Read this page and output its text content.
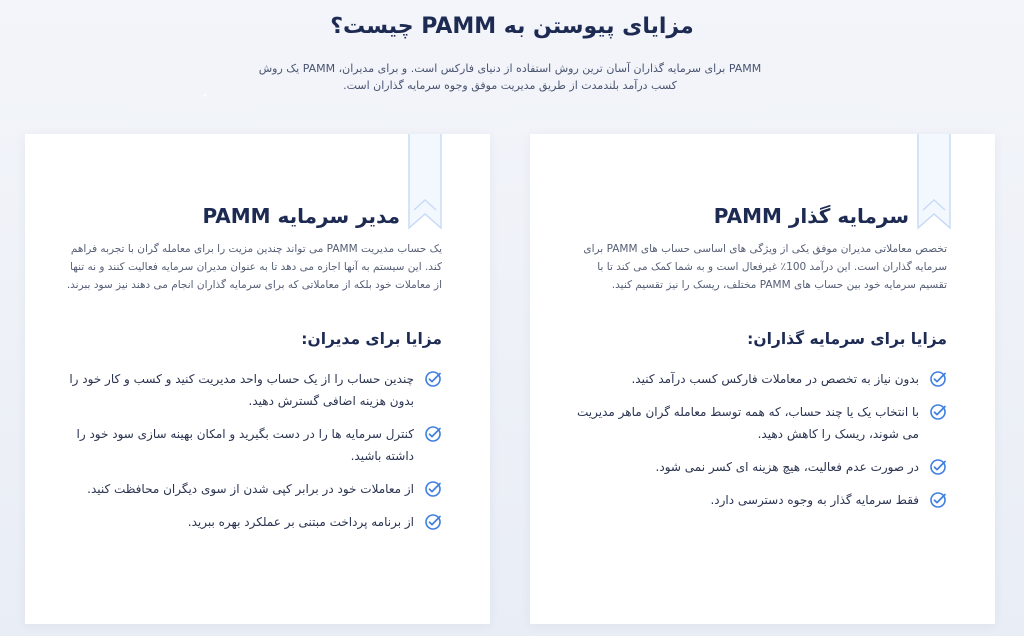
مزایای پیوستن به PAMM چیست؟

PAMM برای سرمایه گذاران آسان ترین روش استفاده از دنیای فارکس است. و برای مدیران، PAMM یک روش کسب درآمد بلندمدت از طریق مدیریت موفق وجوه سرمایه گذاران است.

سرمایه گذار PAMM

تخصص معاملاتی مدیران موفق یکی از ویژگی های اساسی حساب های PAMM برای سرمایه گذاران است. این درآمد 100٪ غیرفعال است و به شما کمک می کند تا با تقسیم سرمایه خود بین حساب های PAMM مختلف، ریسک را نیز تقسیم کنید.

مزایا برای سرمایه گذاران:
بدون نیاز به تخصص در معاملات فارکس کسب درآمد کنید.
با انتخاب یک یا چند حساب، که همه توسط معامله گران ماهر مدیریت می شوند، ریسک را کاهش دهید.
در صورت عدم فعالیت، هیچ هزینه ای کسر نمی شود.
فقط سرمایه گذار به وجوه دسترسی دارد.
مدیر سرمایه PAMM

یک حساب مدیریت PAMM می تواند چندین مزیت را برای معامله گران با تجربه فراهم کند. این سیستم به آنها اجازه می دهد تا به عنوان مدیران سرمایه فعالیت کنند و نه تنها از معاملات خود بلکه از معاملاتی که برای سرمایه گذاران انجام می دهند نیز سود ببرند.

مزایا برای مدیران:
چندین حساب را از یک حساب واحد مدیریت کنید و کسب و کار خود را بدون هزینه اضافی گسترش دهید.
کنترل سرمایه ها را در دست بگیرید و امکان بهینه سازی سود خود را داشته باشید.
از معاملات خود در برابر کپی شدن از سوی دیگران محافظت کنید.
از برنامه پرداخت مبتنی بر عملکرد بهره ببرید.
